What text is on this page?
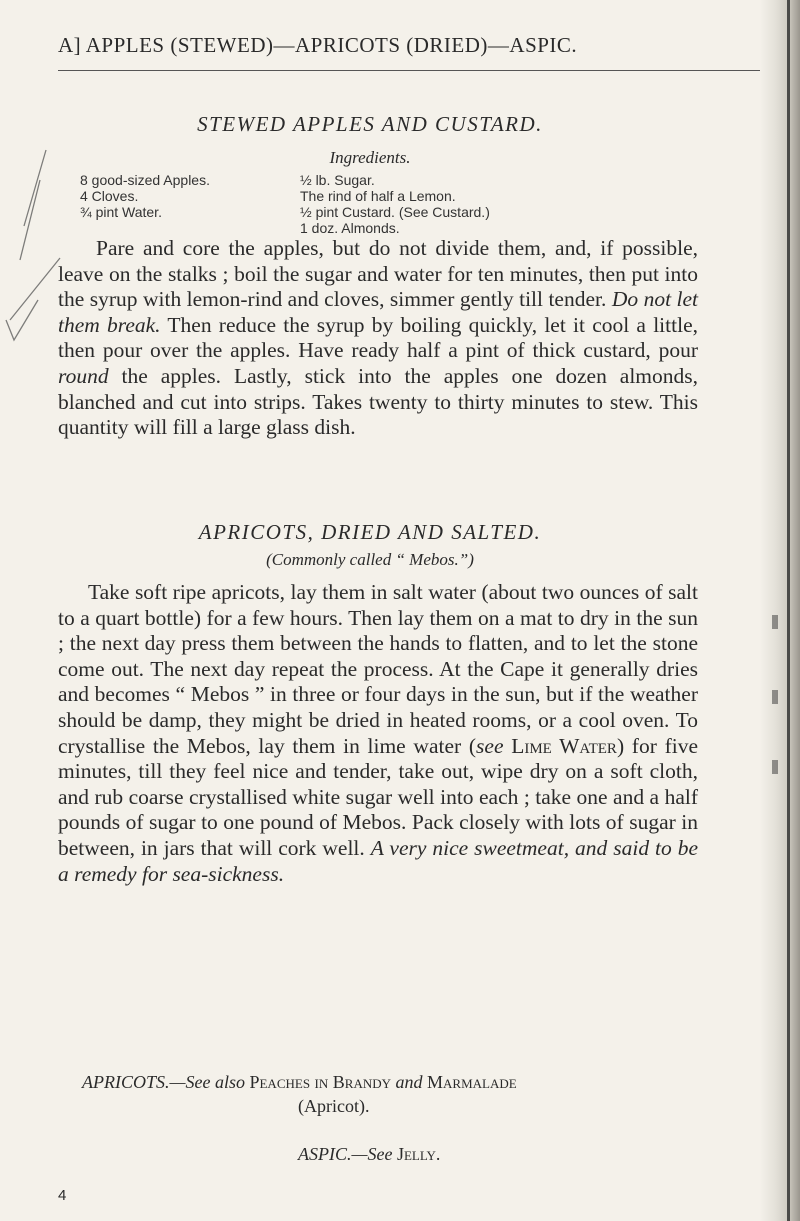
A] APPLES (STEWED)—APRICOTS (DRIED)—ASPIC.
STEWED APPLES AND CUSTARD.
Ingredients.
8 good-sized Apples.
4 Cloves.
¾ pint Water.
½ lb. Sugar.
The rind of half a Lemon.
½ pint Custard. (See Custard.)
1 doz. Almonds.

Pare and core the apples, but do not divide them, and, if possible, leave on the stalks ; boil the sugar and water for ten minutes, then put into the syrup with lemon-rind and cloves, simmer gently till tender. Do not let them break. Then reduce the syrup by boiling quickly, let it cool a little, then pour over the apples. Have ready half a pint of thick custard, pour round the apples. Lastly, stick into the apples one dozen almonds, blanched and cut into strips. Takes twenty to thirty minutes to stew. This quantity will fill a large glass dish.

APRICOTS, DRIED AND SALTED.
(Commonly called “ Mebos.”)

Take soft ripe apricots, lay them in salt water (about two ounces of salt to a quart bottle) for a few hours. Then lay them on a mat to dry in the sun ; the next day press them between the hands to flatten, and to let the stone come out. The next day repeat the process. At the Cape it generally dries and becomes “ Mebos ” in three or four days in the sun, but if the weather should be damp, they might be dried in heated rooms, or a cool oven. To crystallise the Mebos, lay them in lime water (see Lime Water) for five minutes, till they feel nice and tender, take out, wipe dry on a soft cloth, and rub coarse crystallised white sugar well into each ; take one and a half pounds of sugar to one pound of Mebos. Pack closely with lots of sugar in between, in jars that will cork well. A very nice sweetmeat, and said to be a remedy for sea-sickness.

APRICOTS.—See also Peaches in Brandy and Marmalade
(Apricot).
ASPIC.—See Jelly.
4
